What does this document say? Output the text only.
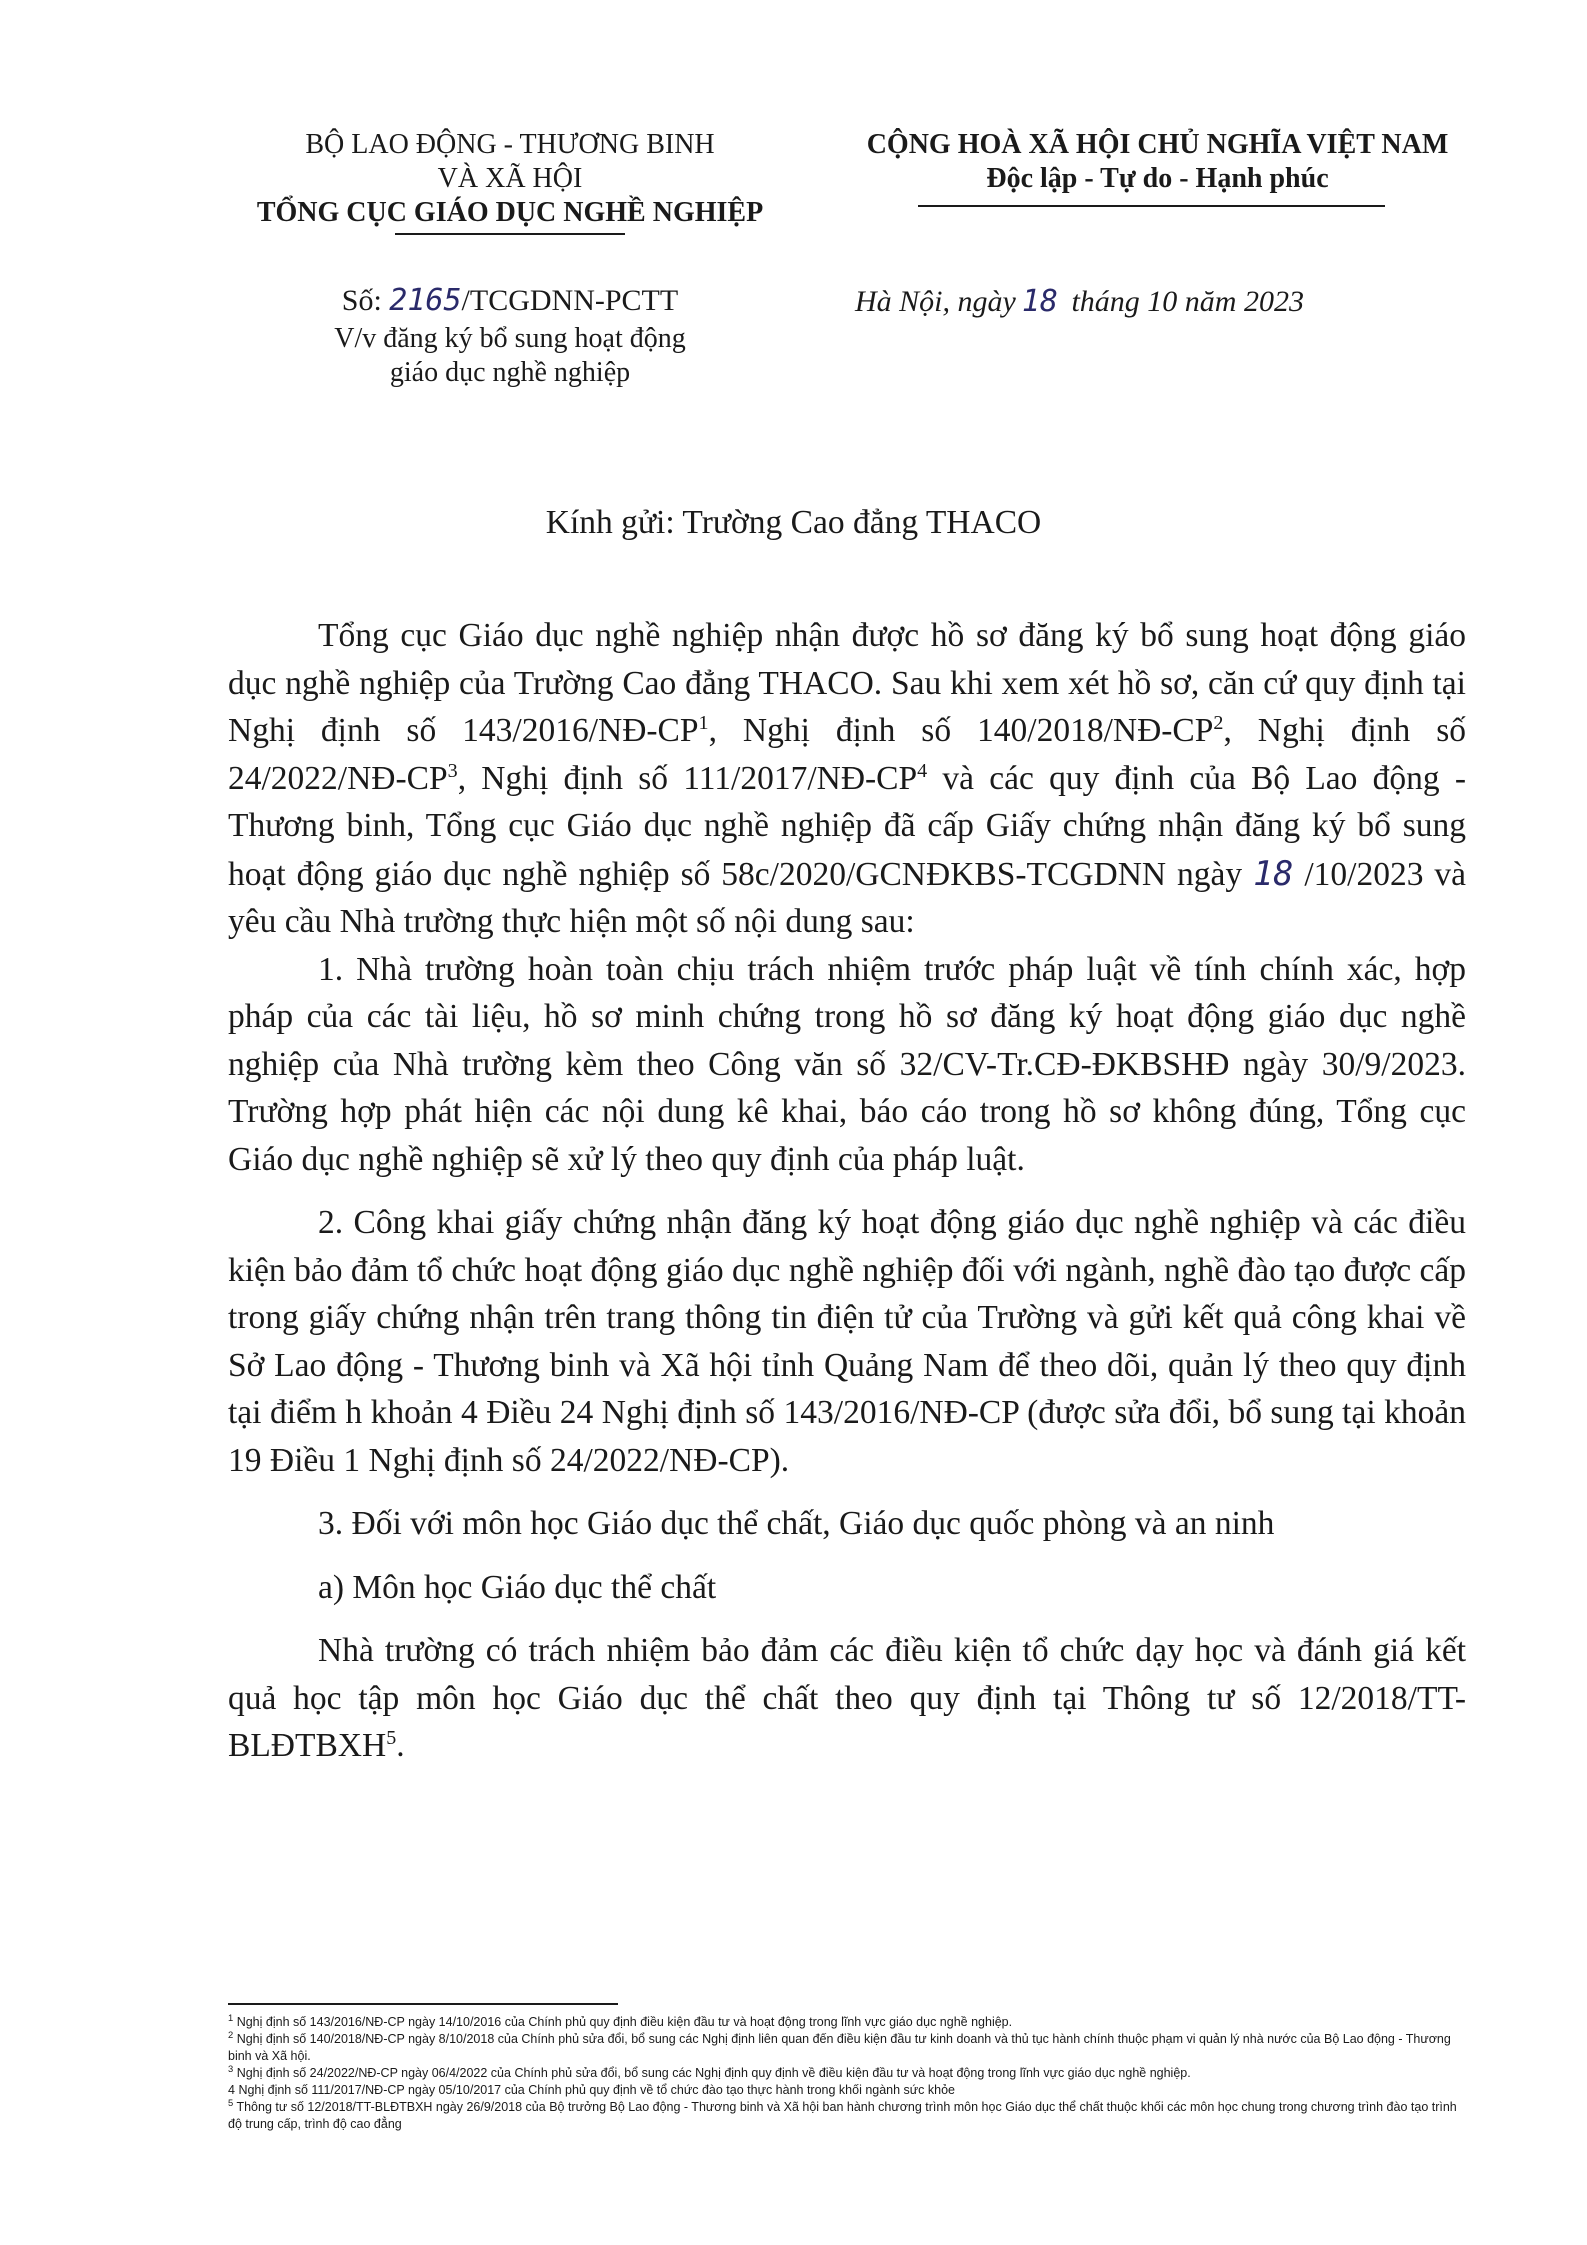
BỘ LAO ĐỘNG - THƯƠNG BINH
VÀ XÃ HỘI
TỔNG CỤC GIÁO DỤC NGHỀ NGHIỆP
CỘNG HOÀ XÃ HỘI CHỦ NGHĨA VIỆT NAM
Độc lập - Tự do - Hạnh phúc
Số: 2165/TCGDNN-PCTT
V/v đăng ký bổ sung hoạt động
giáo dục nghề nghiệp
Hà Nội, ngày 18 tháng 10 năm 2023
Kính gửi: Trường Cao đẳng THACO

Tổng cục Giáo dục nghề nghiệp nhận được hồ sơ đăng ký bổ sung hoạt động giáo dục nghề nghiệp của Trường Cao đẳng THACO. Sau khi xem xét hồ sơ, căn cứ quy định tại Nghị định số $143/2016/NĐ-CP^1$, Nghị định số $140/2018/NĐ-CP^2$, Nghị định số $24/2022/NĐ-CP^3$, Nghị định số $111/2017/NĐ-CP^4$ và các quy định của Bộ Lao động - Thương binh, Tổng cục Giáo dục nghề nghiệp đã cấp Giấy chứng nhận đăng ký bổ sung hoạt động giáo dục nghề nghiệp số 58c/2020/GCNĐKBS-TCGDNN ngày 18 /10/2023 và yêu cầu Nhà trường thực hiện một số nội dung sau:

1. Nhà trường hoàn toàn chịu trách nhiệm trước pháp luật về tính chính xác, hợp pháp của các tài liệu, hồ sơ minh chứng trong hồ sơ đăng ký hoạt động giáo dục nghề nghiệp của Nhà trường kèm theo Công văn số 32/CV-Tr.CĐ-ĐKBSHĐ ngày 30/9/2023. Trường hợp phát hiện các nội dung kê khai, báo cáo trong hồ sơ không đúng, Tổng cục Giáo dục nghề nghiệp sẽ xử lý theo quy định của pháp luật.

2. Công khai giấy chứng nhận đăng ký hoạt động giáo dục nghề nghiệp và các điều kiện bảo đảm tổ chức hoạt động giáo dục nghề nghiệp đối với ngành, nghề đào tạo được cấp trong giấy chứng nhận trên trang thông tin điện tử của Trường và gửi kết quả công khai về Sở Lao động - Thương binh và Xã hội tỉnh Quảng Nam để theo dõi, quản lý theo quy định tại điểm h khoản 4 Điều 24 Nghị định số 143/2016/NĐ-CP (được sửa đổi, bổ sung tại khoản 19 Điều 1 Nghị định số 24/2022/NĐ-CP).

3. Đối với môn học Giáo dục thể chất, Giáo dục quốc phòng và an ninh

a) Môn học Giáo dục thể chất

Nhà trường có trách nhiệm bảo đảm các điều kiện tổ chức dạy học và đánh giá kết quả học tập môn học Giáo dục thể chất theo quy định tại Thông tư số 12/2018/TT-BLĐTBXH$^5$.

$^1$ Nghị định số 143/2016/NĐ-CP ngày 14/10/2016 của Chính phủ quy định điều kiện đầu tư và hoạt động trong lĩnh vực giáo dục nghề nghiệp.
$^2$ Nghị định số 140/2018/NĐ-CP ngày 8/10/2018 của Chính phủ sửa đổi, bổ sung các Nghị định liên quan đến điều kiện đầu tư kinh doanh và thủ tục hành chính thuộc phạm vi quản lý nhà nước của Bộ Lao động - Thương binh và Xã hội.
$^3$ Nghị định số 24/2022/NĐ-CP ngày 06/4/2022 của Chính phủ sửa đổi, bổ sung các Nghị định quy định về điều kiện đầu tư và hoạt động trong lĩnh vực giáo dục nghề nghiệp.
4 Nghị định số 111/2017/NĐ-CP ngày 05/10/2017 của Chính phủ quy định về tổ chức đào tạo thực hành trong khối ngành sức khỏe
$^5$ Thông tư số 12/2018/TT-BLĐTBXH ngày 26/9/2018 của Bộ trưởng Bộ Lao động - Thương binh và Xã hội ban hành chương trình môn học Giáo dục thể chất thuộc khối các môn học chung trong chương trình đào tạo trình độ trung cấp, trình độ cao đẳng
